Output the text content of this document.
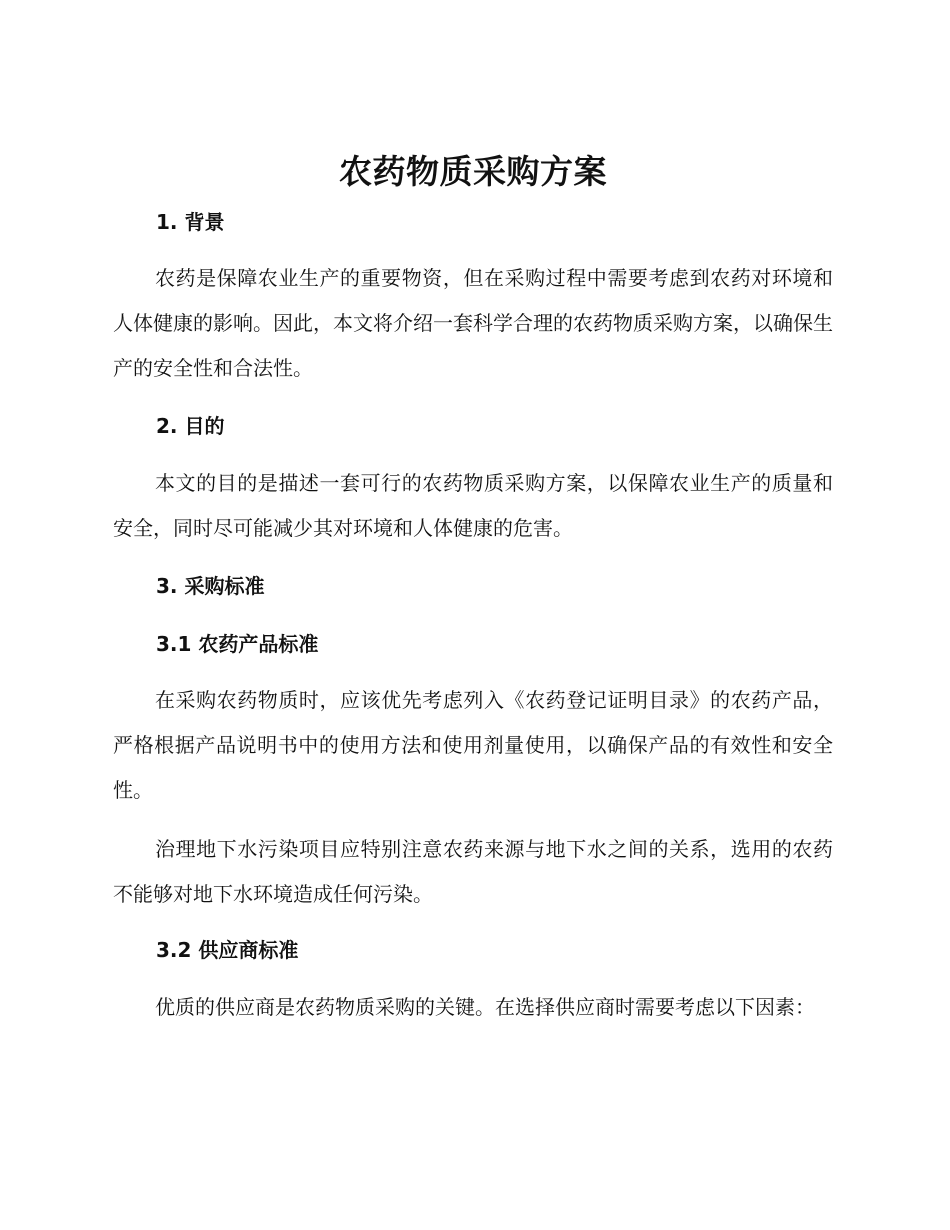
农药物质采购方案
1. 背景

农药是保障农业生产的重要物资，但在采购过程中需要考虑到农药对环境和人体健康的影响。因此，本文将介绍一套科学合理的农药物质采购方案，以确保生产的安全性和合法性。

2. 目的

本文的目的是描述一套可行的农药物质采购方案，以保障农业生产的质量和安全，同时尽可能减少其对环境和人体健康的危害。

3. 采购标准
3.1 农药产品标准

在采购农药物质时，应该优先考虑列入《农药登记证明目录》的农药产品，严格根据产品说明书中的使用方法和使用剂量使用，以确保产品的有效性和安全性。

治理地下水污染项目应特别注意农药来源与地下水之间的关系，选用的农药不能够对地下水环境造成任何污染。

3.2 供应商标准

优质的供应商是农药物质采购的关键。在选择供应商时需要考虑以下因素：
